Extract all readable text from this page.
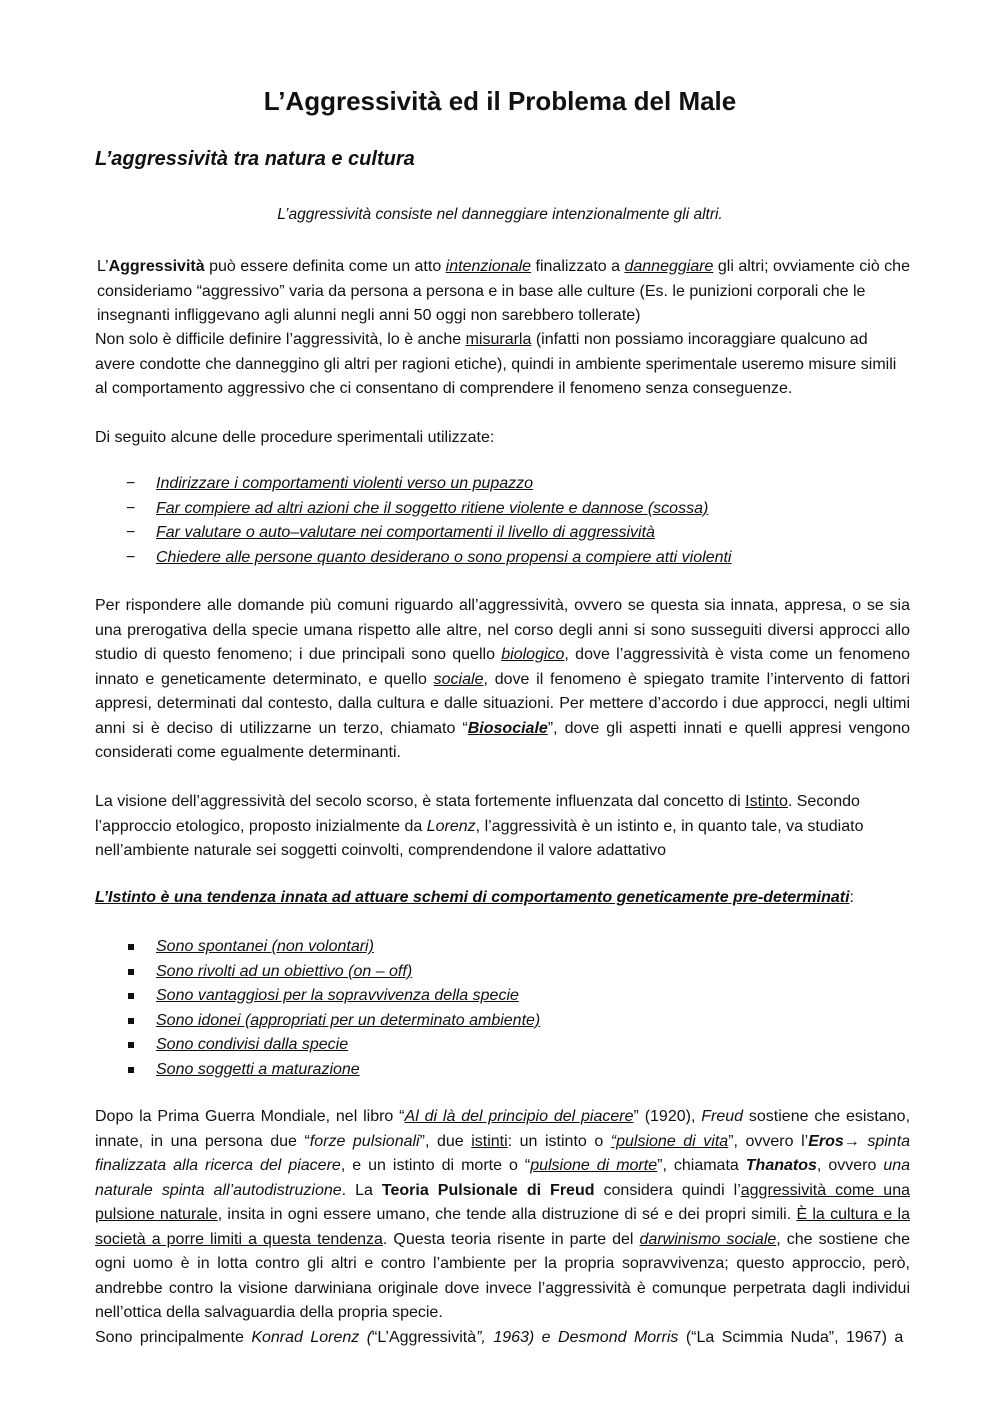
L’Aggressività ed il Problema del Male
L’aggressività tra natura e cultura
L’aggressività consiste nel danneggiare intenzionalmente gli altri.

L’Aggressività può essere definita come un atto intenzionale finalizzato a danneggiare gli altri; ovviamente ciò che consideriamo “aggressivo” varia da persona a persona e in base alle culture (Es. le punizioni corporali che le insegnanti infliggevano agli alunni negli anni 50 oggi non sarebbero tollerate)

Non solo è difficile definire l’aggressività, lo è anche misurarla (infatti non possiamo incoraggiare qualcuno ad avere condotte che danneggino gli altri per ragioni etiche), quindi in ambiente sperimentale useremo misure simili al comportamento aggressivo che ci consentano di comprendere il fenomeno senza conseguenze.

Di seguito alcune delle procedure sperimentali utilizzate:

− Indirizzare i comportamenti violenti verso un pupazzo
− Far compiere ad altri azioni che il soggetto ritiene violente e dannose (scossa)
− Far valutare o auto–valutare nei comportamenti il livello di aggressività
− Chiedere alle persone quanto desiderano o sono propensi a compiere atti violenti

Per rispondere alle domande più comuni riguardo all’aggressività, ovvero se questa sia innata, appresa, o se sia una prerogativa della specie umana rispetto alle altre, nel corso degli anni si sono susseguiti diversi approcci allo studio di questo fenomeno; i due principali sono quello biologico, dove l’aggressività è vista come un fenomeno innato e geneticamente determinato, e quello sociale, dove il fenomeno è spiegato tramite l’intervento di fattori appresi, determinati dal contesto, dalla cultura e dalle situazioni. Per mettere d’accordo i due approcci, negli ultimi anni si è deciso di utilizzarne un terzo, chiamato “Biosociale”, dove gli aspetti innati e quelli appresi vengono considerati come egualmente determinanti.

La visione dell’aggressività del secolo scorso, è stata fortemente influenzata dal concetto di Istinto. Secondo l’approccio etologico, proposto inizialmente da Lorenz, l’aggressività è un istinto e, in quanto tale, va studiato nell’ambiente naturale sei soggetti coinvolti, comprendendone il valore adattativo

L’Istinto è una tendenza innata ad attuare schemi di comportamento geneticamente pre-determinati:

Sono spontanei (non volontari)
Sono rivolti ad un obiettivo (on – off)
Sono vantaggiosi per la sopravvivenza della specie
Sono idonei (appropriati per un determinato ambiente)
Sono condivisi dalla specie
Sono soggetti a maturazione

Dopo la Prima Guerra Mondiale, nel libro “Al di là del principio del piacere” (1920), Freud sostiene che esistano, innate, in una persona due “forze pulsionali”, due istinti: un istinto o “pulsione di vita”, ovvero l’Eros→ spinta finalizzata alla ricerca del piacere, e un istinto di morte o “pulsione di morte”, chiamata Thanatos, ovvero una naturale spinta all’autodistruzione. La Teoria Pulsionale di Freud considera quindi l’aggressività come una pulsione naturale, insita in ogni essere umano, che tende alla distruzione di sé e dei propri simili. È la cultura e la società a porre limiti a questa tendenza. Questa teoria risente in parte del darwinismo sociale, che sostiene che ogni uomo è in lotta contro gli altri e contro l’ambiente per la propria sopravvivenza; questo approccio, però, andrebbe contro la visione darwiniana originale dove invece l’aggressività è comunque perpetrata dagli individui nell’ottica della salvaguardia della propria specie.

Sono principalmente Konrad Lorenz (“L’Aggressività”, 1963) e Desmond Morris (“La Scimmia Nuda”, 1967) a
